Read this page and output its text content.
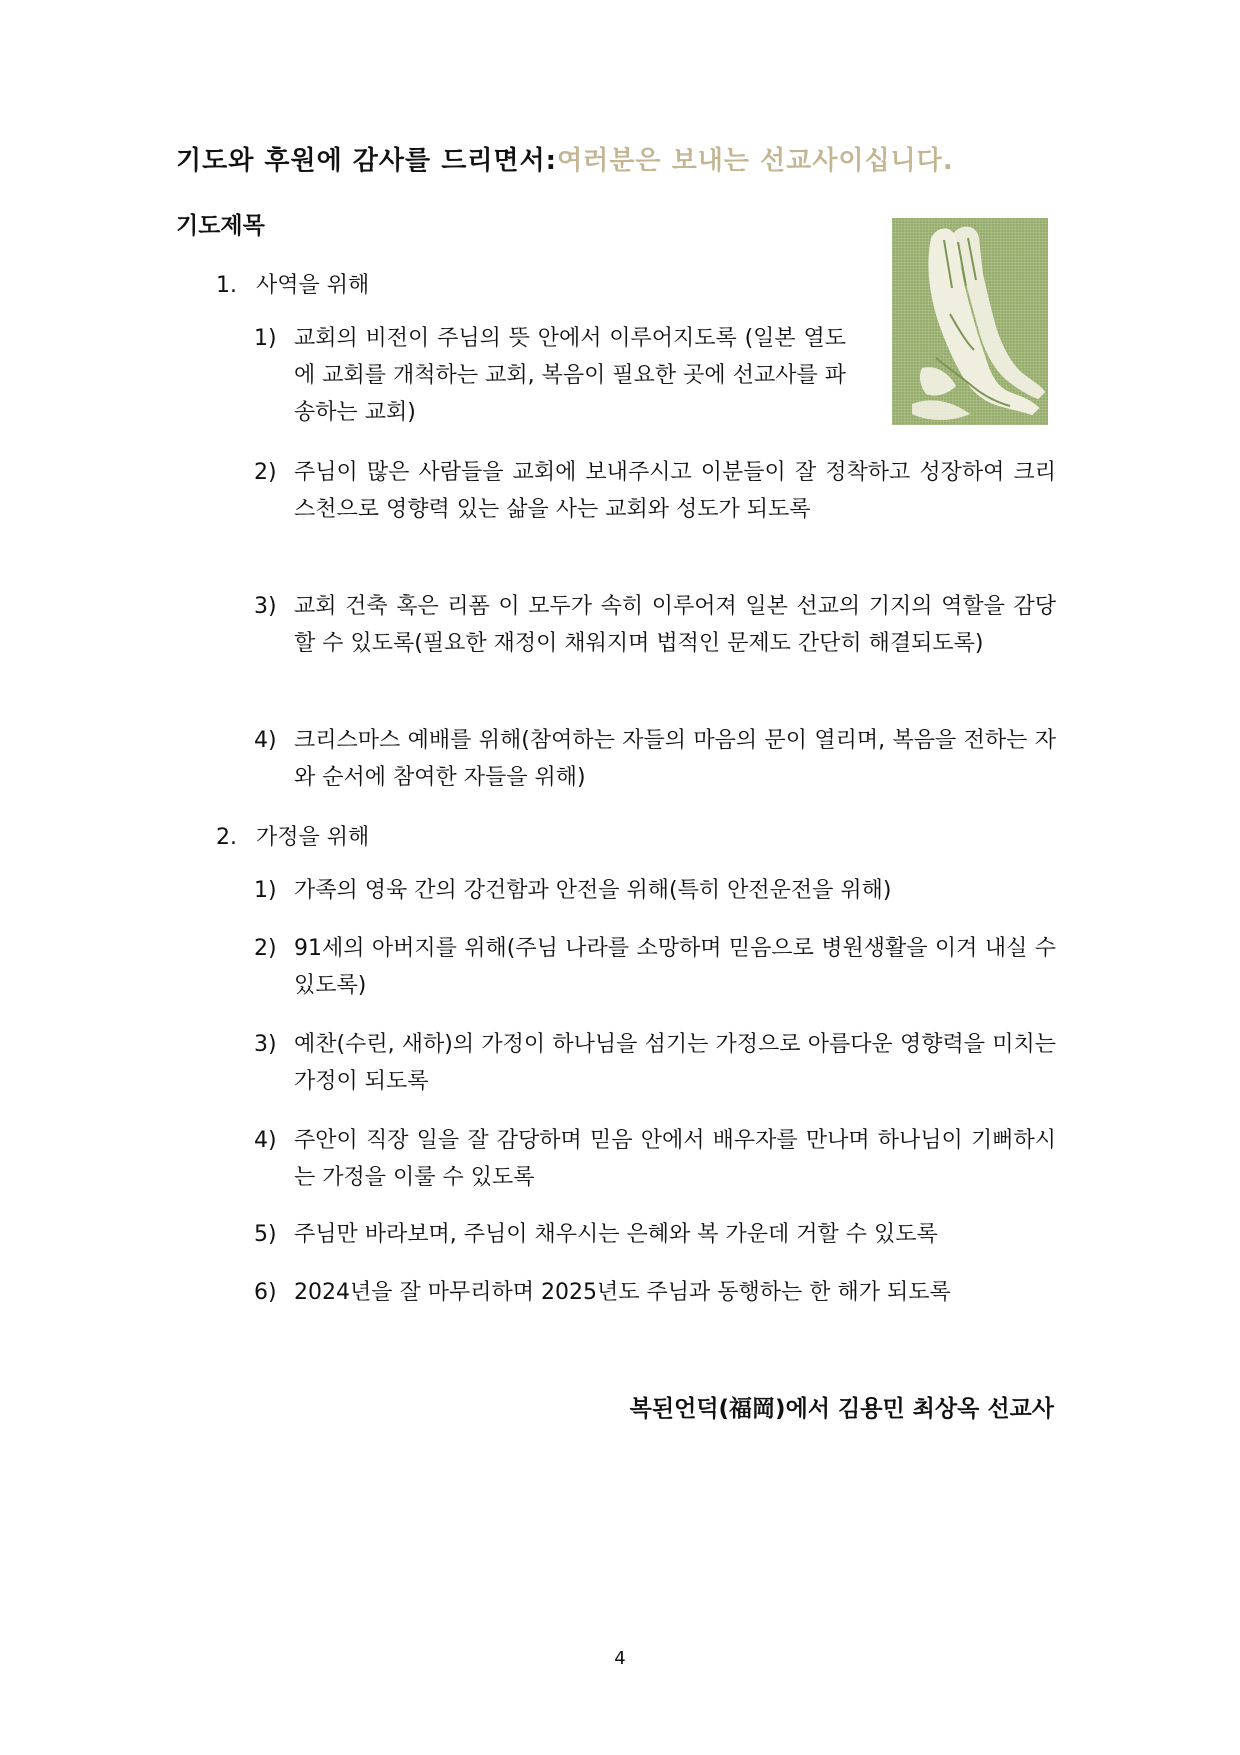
기도와 후원에 감사를 드리면서:여러분은 보내는 선교사이십니다.
기도제목
1. 사역을 위해
1) 교회의 비전이 주님의 뜻 안에서 이루어지도록 (일본 열도에 교회를 개척하는 교회, 복음이 필요한 곳에 선교사를 파송하는 교회)
2) 주님이 많은 사람들을 교회에 보내주시고 이분들이 잘 정착하고 성장하여 크리스천으로 영향력 있는 삶을 사는 교회와 성도가 되도록
3) 교회 건축 혹은 리폼 이 모두가 속히 이루어져 일본 선교의 기지의 역할을 감당할 수 있도록(필요한 재정이 채워지며 법적인 문제도 간단히 해결되도록)
4) 크리스마스 예배를 위해(참여하는 자들의 마음의 문이 열리며, 복음을 전하는 자와 순서에 참여한 자들을 위해)
2. 가정을 위해
1) 가족의 영육 간의 강건함과 안전을 위해(특히 안전운전을 위해)
2) 91세의 아버지를 위해(주님 나라를 소망하며 믿음으로 병원생활을 이겨 내실 수 있도록)
3) 예찬(수린, 새하)의 가정이 하나님을 섬기는 가정으로 아름다운 영향력을 미치는 가정이 되도록
4) 주안이 직장 일을 잘 감당하며 믿음 안에서 배우자를 만나며 하나님이 기뻐하시는 가정을 이룰 수 있도록
5) 주님만 바라보며, 주님이 채우시는 은혜와 복 가운데 거할 수 있도록
6) 2024년을 잘 마무리하며 2025년도 주님과 동행하는 한 해가 되도록
복된언덕(福岡)에서 김용민 최상옥 선교사
4
